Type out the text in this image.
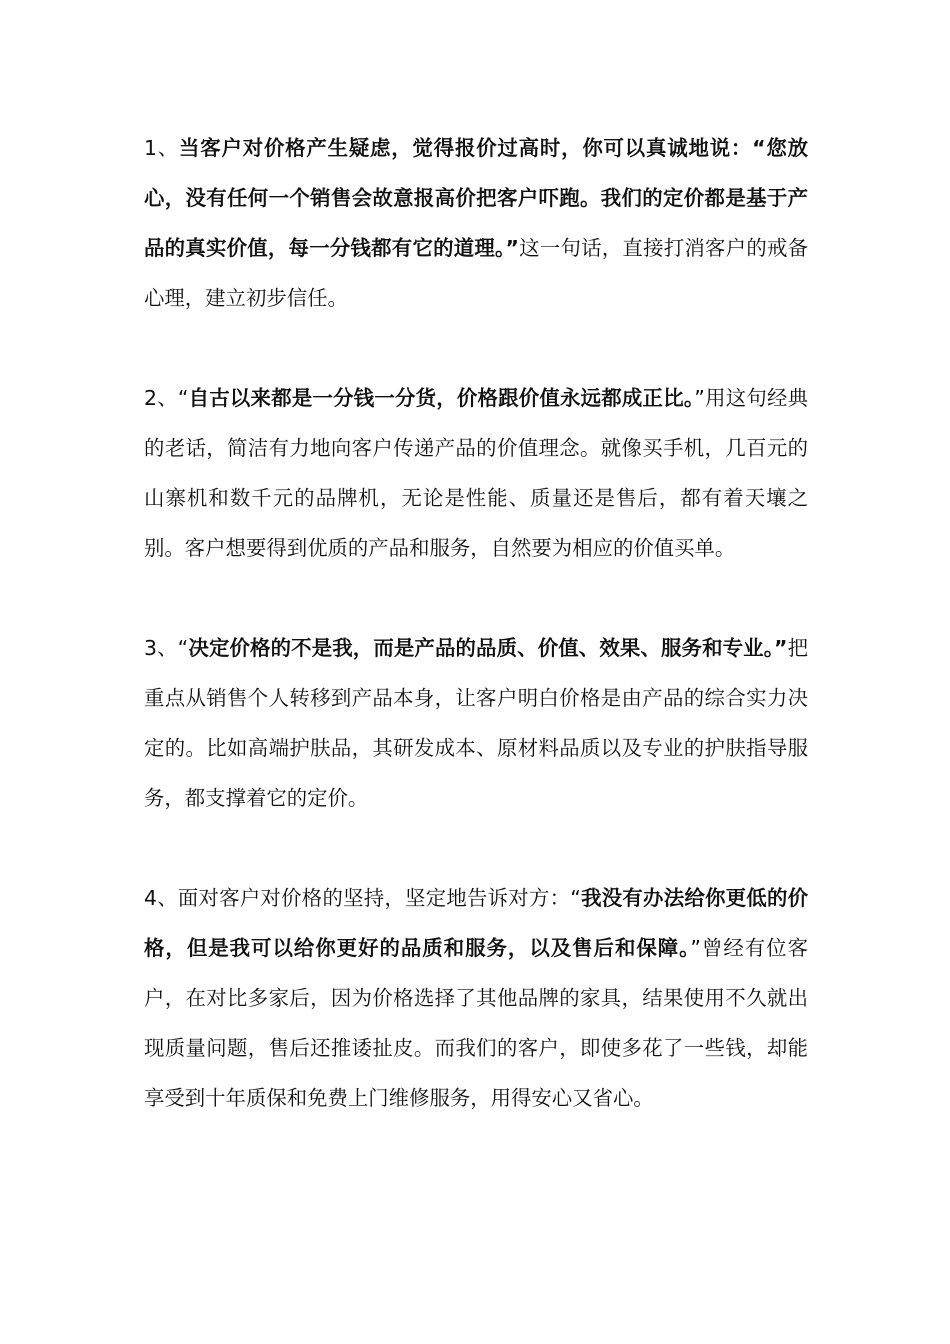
1、当客户对价格产生疑虑，觉得报价过高时，你可以真诚地说：“您放心，没有任何一个销售会故意报高价把客户吓跑。我们的定价都是基于产品的真实价值，每一分钱都有它的道理。”这一句话，直接打消客户的戒备心理，建立初步信任。

2、“自古以来都是一分钱一分货，价格跟价值永远都成正比。”用这句经典的老话，简洁有力地向客户传递产品的价值理念。就像买手机，几百元的山寨机和数千元的品牌机，无论是性能、质量还是售后，都有着天壤之别。客户想要得到优质的产品和服务，自然要为相应的价值买单。

3、“决定价格的不是我，而是产品的品质、价值、效果、服务和专业。”把重点从销售个人转移到产品本身，让客户明白价格是由产品的综合实力决定的。比如高端护肤品，其研发成本、原材料品质以及专业的护肤指导服务，都支撑着它的定价。

4、面对客户对价格的坚持，坚定地告诉对方：“我没有办法给你更低的价格，但是我可以给你更好的品质和服务，以及售后和保障。”曾经有位客户，在对比多家后，因为价格选择了其他品牌的家具，结果使用不久就出现质量问题，售后还推诿扯皮。而我们的客户，即使多花了一些钱，却能享受到十年质保和免费上门维修服务，用得安心又省心。
